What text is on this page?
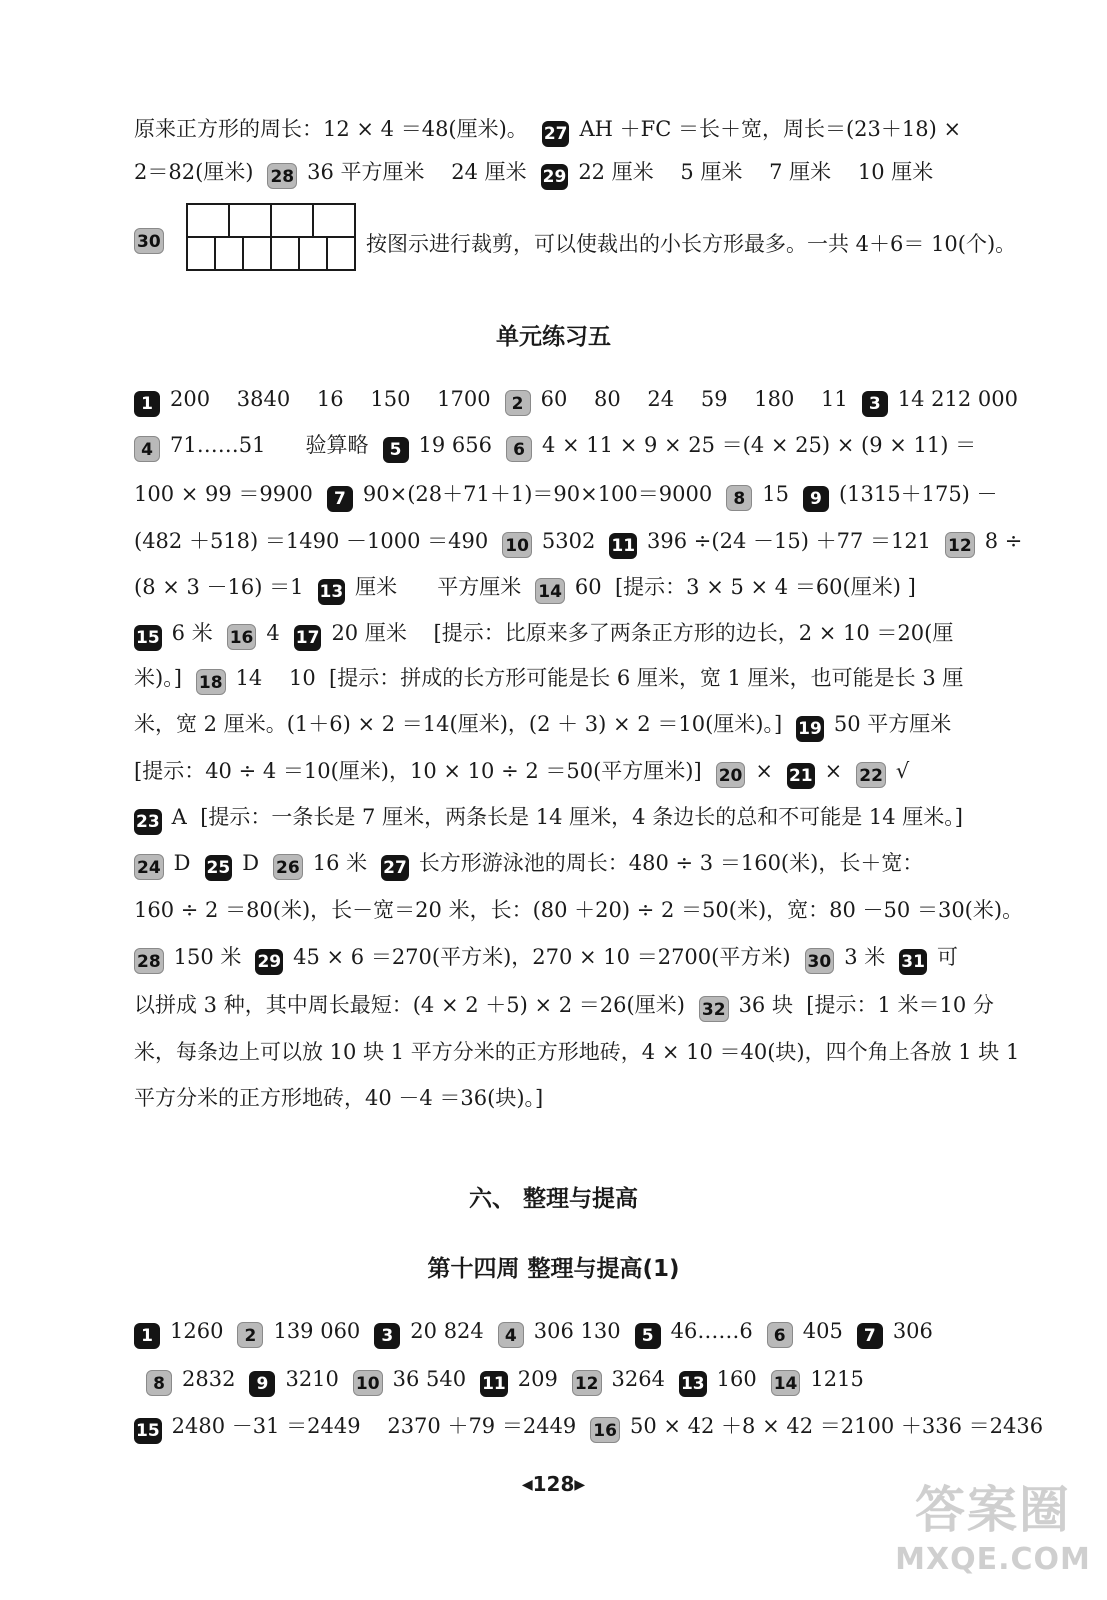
原来正方形的周长：12 × 4 ＝48(厘米)。 27 AH ＋FC ＝长＋宽，周长＝(23＋18) ×
2＝82(厘米) 28 36 平方厘米    24 厘米 29 22 厘米    5 厘米    7 厘米    10 厘米
30	按图示进行裁剪，可以使裁出的小长方形最多。一共 4＋6＝ 10(个)。
单元练习五
1 200    3840    16    150    1700 2 60    80    24    59    180    11 3 14 212 000
4 71……51      验算略 5 19 656 6 4 × 11 × 9 × 25 ＝(4 × 25) × (9 × 11) ＝
100 × 99 ＝9900 7 90×(28＋71＋1)＝90×100＝9000 8 15 9 (1315＋175) －
(482 ＋518) ＝1490 －1000 ＝490 10 5302 11 396 ÷(24 －15) ＋77 ＝121 12 8 ÷
(8 × 3 －16) ＝1 13 厘米      平方厘米 14 60  [提示：3 × 5 × 4 ＝60(厘米) ]
15 6 米 16 4 17 20 厘米    [提示：比原来多了两条正方形的边长，2 × 10 ＝20(厘
米)。] 18 14    10  [提示：拼成的长方形可能是长 6 厘米，宽 1 厘米，也可能是长 3 厘
米，宽 2 厘米。(1＋6) × 2 ＝14(厘米)，(2 ＋ 3) × 2 ＝10(厘米)。] 19 50 平方厘米
[提示：40 ÷ 4 ＝10(厘米)，10 × 10 ÷ 2 ＝50(平方厘米)] 20 × 21 × 22 √
23 A  [提示：一条长是 7 厘米，两条长是 14 厘米，4 条边长的总和不可能是 14 厘米。]
24 D 25 D 26 16 米 27 长方形游泳池的周长：480 ÷ 3 ＝160(米)，长＋宽：
160 ÷ 2 ＝80(米)，长－宽＝20 米，长：(80 ＋20) ÷ 2 ＝50(米)，宽：80 －50 ＝30(米)。
28 150 米 29 45 × 6 ＝270(平方米)，270 × 10 ＝2700(平方米) 30 3 米 31 可
以拼成 3 种，其中周长最短：(4 × 2 ＋5) × 2 ＝26(厘米) 32 36 块  [提示：1 米＝10 分
米，每条边上可以放 10 块 1 平方分米的正方形地砖，4 × 10 ＝40(块)，四个角上各放 1 块 1
平方分米的正方形地砖，40 －4 ＝36(块)。]
六、 整理与提高
第十四周 整理与提高(1)
1 1260 2 139 060 3 20 824 4 306 130 5 46……6 6 405 7 306
8 2832 9 3210 10 36 540 11 209 12 3264 13 160 14 1215
15 2480 －31 ＝2449    2370 ＋79 ＝2449 16 50 × 42 ＋8 × 42 ＝2100 ＋336 ＝2436
◀128▶	答案圈
MXQE.COM
